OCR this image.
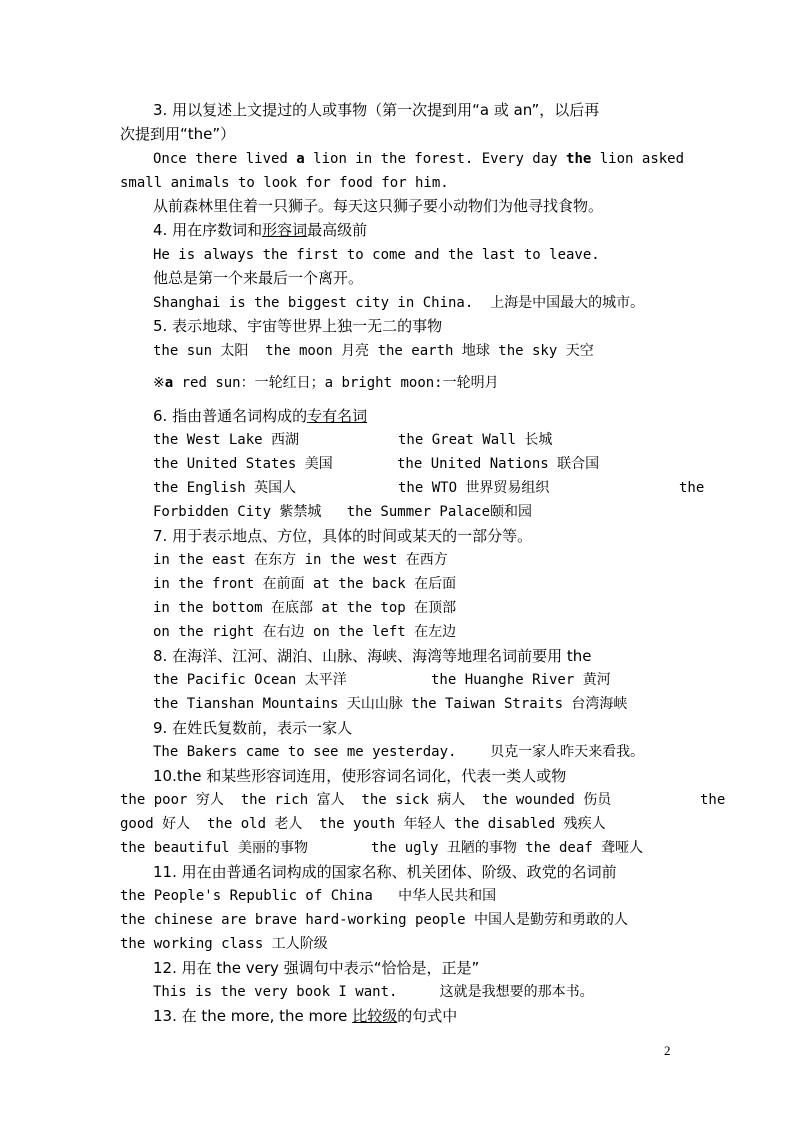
3. 用以复述上文提过的人或事物（第一次提到用“a 或 an”，以后再
次提到用“the”）
Once there lived a lion in the forest. Every day the lion asked
small animals to look for food for him.
从前森林里住着一只狮子。每天这只狮子要小动物们为他寻找食物。
4. 用在序数词和形容词最高级前
He is always the first to come and the last to leave.
他总是第一个来最后一个离开。
Shanghai is the biggest city in China.  上海是中国最大的城市。
5. 表示地球、宇宙等世界上独一无二的事物
the sun 太阳  the moon 月亮 the earth 地球 the sky 天空
※a red sun：一轮红日；a bright moon:一轮明月
6. 指由普通名词构成的专有名词
the West Lake 西湖	the Great Wall 长城
the United States 美国	the United Nations 联合国
the English 英国人	the WTO 世界贸易组织	the
Forbidden City 紫禁城   the Summer Palace颐和园
7. 用于表示地点、方位，具体的时间或某天的一部分等。
in the east 在东方 in the west 在西方
in the front 在前面 at the back 在后面
in the bottom 在底部 at the top 在顶部
on the right 在右边 on the left 在左边
8. 在海洋、江河、湖泊、山脉、海峡、海湾等地理名词前要用 the
the Pacific Ocean 太平洋	the Huanghe River 黄河
the Tianshan Mountains 天山山脉 the Taiwan Straits 台湾海峡
9. 在姓氏复数前，表示一家人
The Bakers came to see me yesterday.    贝克一家人昨天来看我。
10.the 和某些形容词连用，使形容词名词化，代表一类人或物
the poor 穷人  the rich 富人  the sick 病人  the wounded 伤员	the
good 好人  the old 老人  the youth 年轻人 the disabled 残疾人
the beautiful 美丽的事物	the ugly 丑陋的事物 the deaf 聋哑人
11. 用在由普通名词构成的国家名称、机关团体、阶级、政党的名词前
the People's Republic of China   中华人民共和国
the chinese are brave hard-working people 中国人是勤劳和勇敢的人
the working class 工人阶级
12. 用在 the very 强调句中表示“恰恰是，正是”
This is the very book I want.     这就是我想要的那本书。
13. 在 the more, the more 比较级的句式中
2
